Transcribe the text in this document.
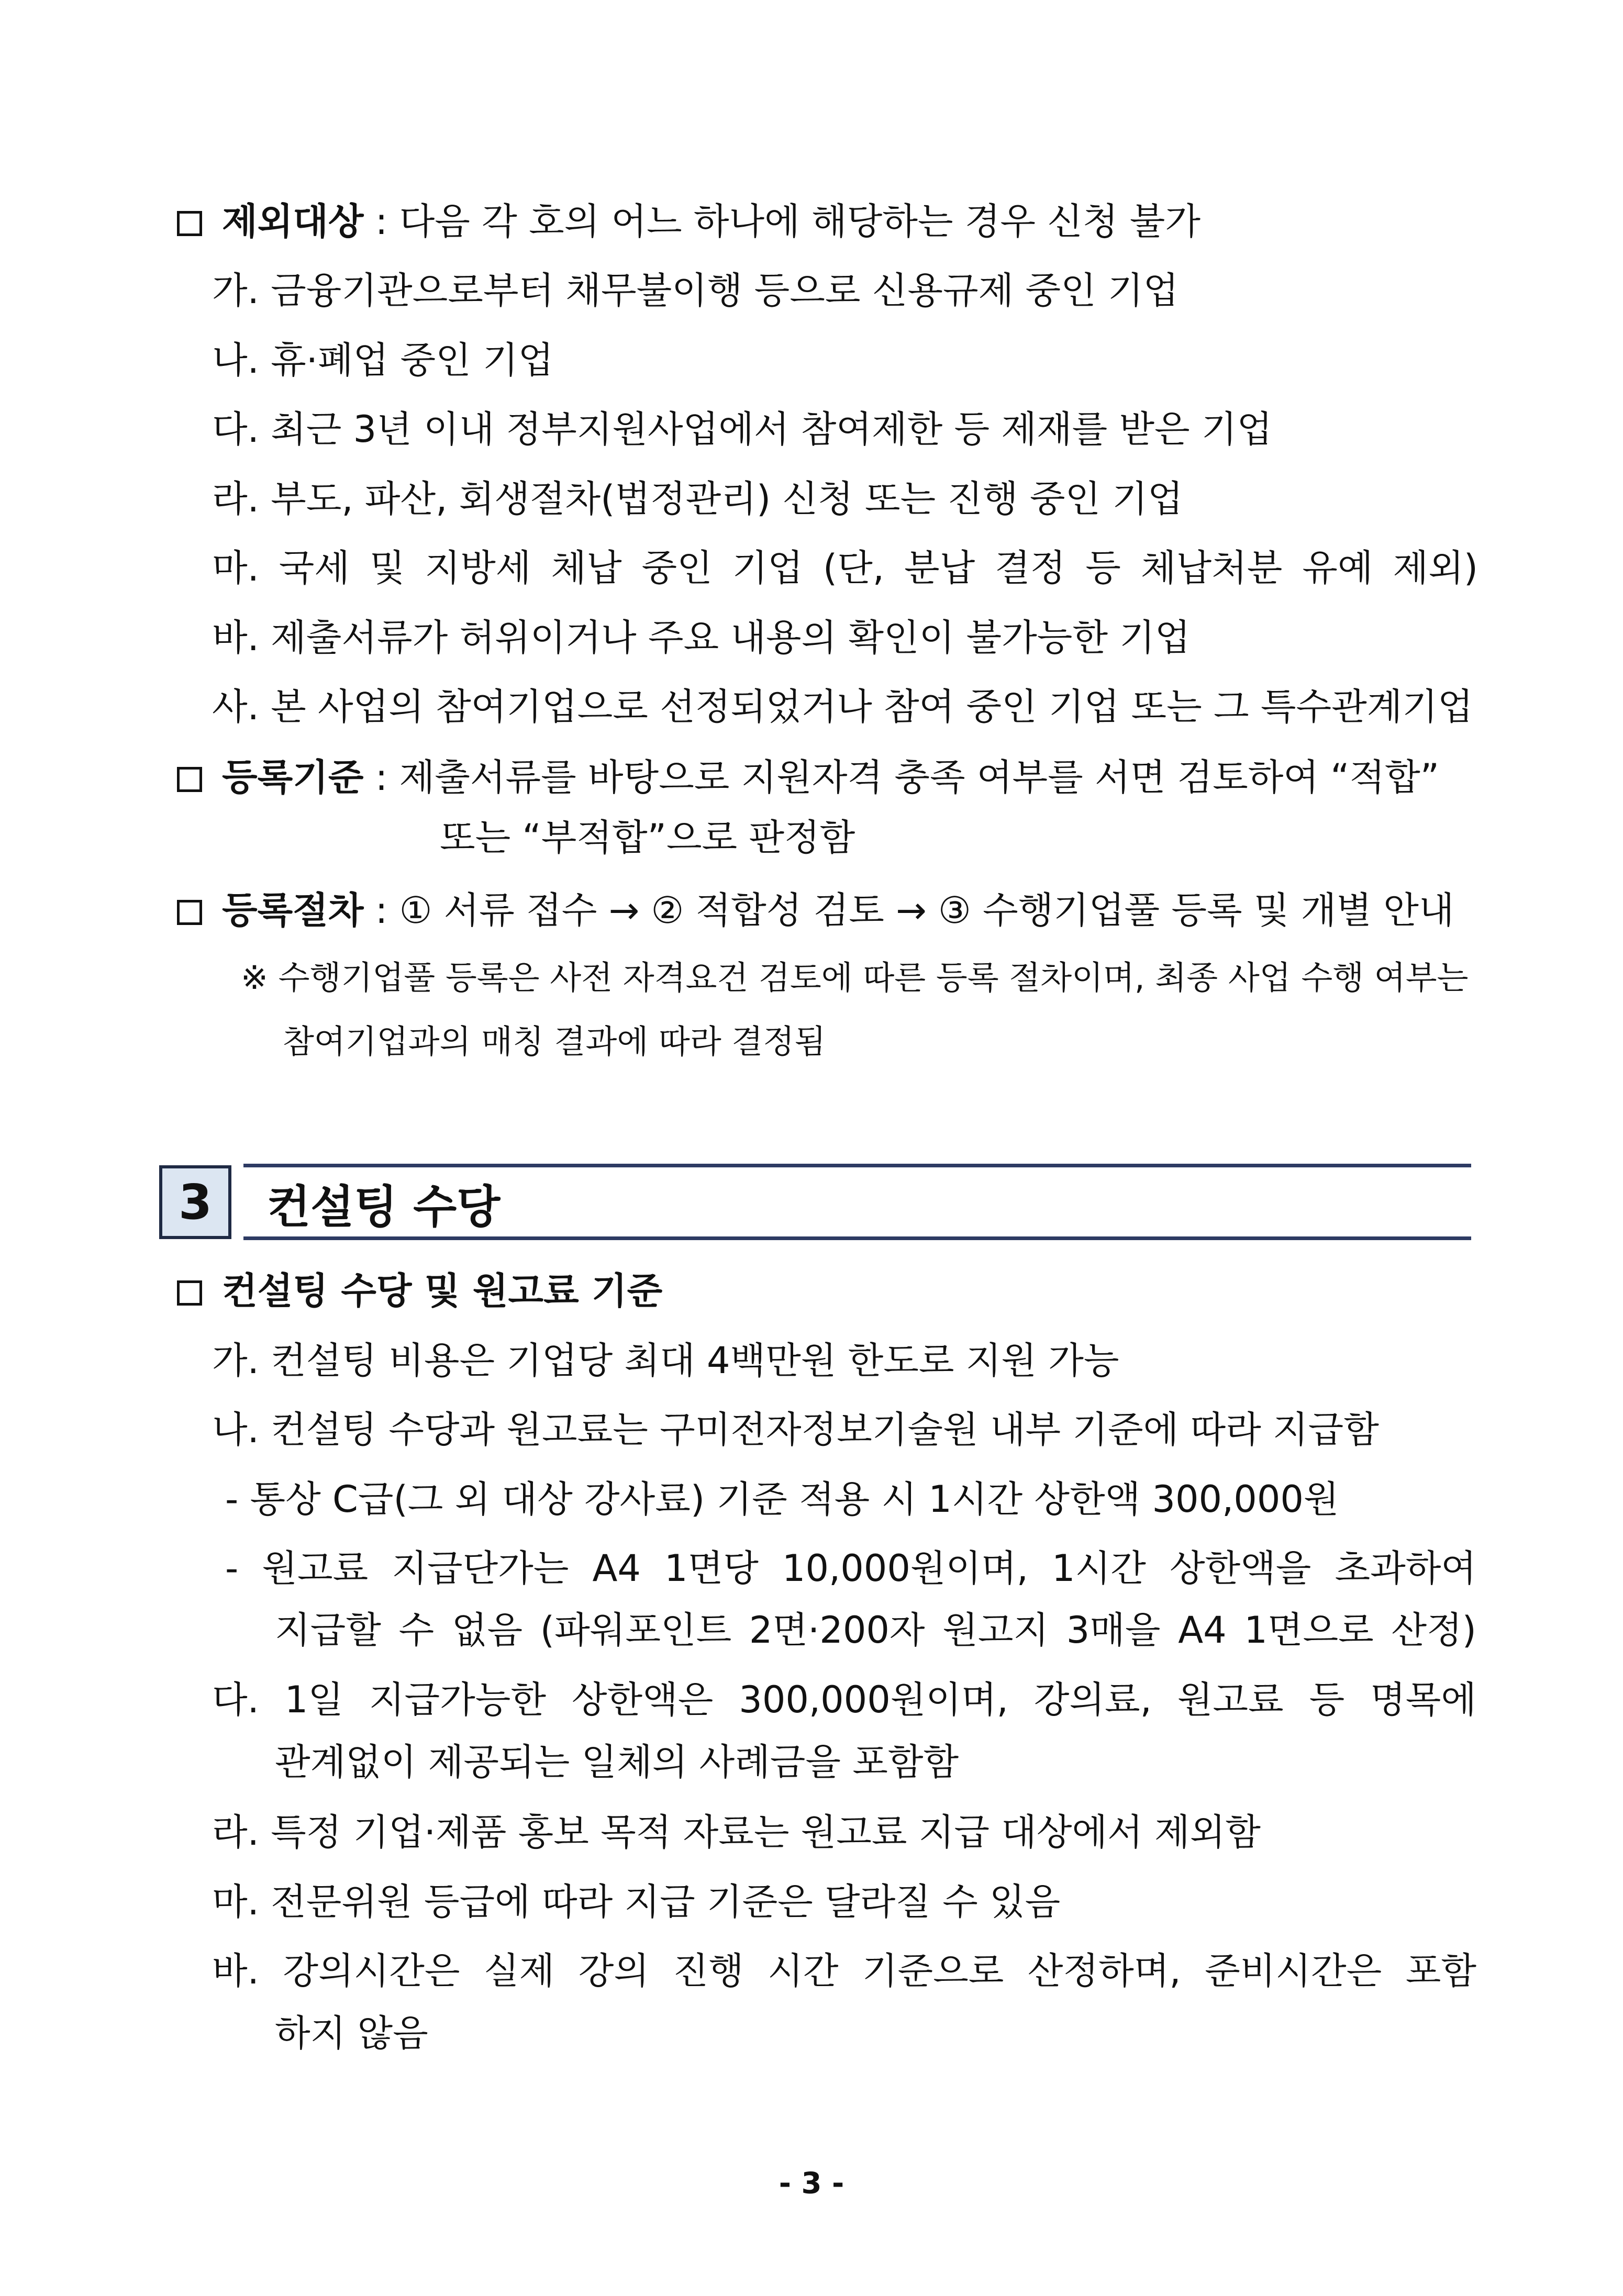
제외대상 : 다음 각 호의 어느 하나에 해당하는 경우 신청 불가
가. 금융기관으로부터 채무불이행 등으로 신용규제 중인 기업
나. 휴·폐업 중인 기업
다. 최근 3년 이내 정부지원사업에서 참여제한 등 제재를 받은 기업
라. 부도, 파산, 회생절차(법정관리) 신청 또는 진행 중인 기업
마. 국세 및 지방세 체납 중인 기업 (단, 분납 결정 등 체납처분 유예 제외)
바. 제출서류가 허위이거나 주요 내용의 확인이 불가능한 기업
사. 본 사업의 참여기업으로 선정되었거나 참여 중인 기업 또는 그 특수관계기업
등록기준 : 제출서류를 바탕으로 지원자격 충족 여부를 서면 검토하여 “적합”
또는 “부적합”으로 판정함
등록절차 : ① 서류 접수 → ② 적합성 검토 → ③ 수행기업풀 등록 및 개별 안내
※ 수행기업풀 등록은 사전 자격요건 검토에 따른 등록 절차이며, 최종 사업 수행 여부는
참여기업과의 매칭 결과에 따라 결정됨
3	컨설팅 수당
컨설팅 수당 및 원고료 기준
가. 컨설팅 비용은 기업당 최대 4백만원 한도로 지원 가능
나. 컨설팅 수당과 원고료는 구미전자정보기술원 내부 기준에 따라 지급함
- 통상 C급(그 외 대상 강사료) 기준 적용 시 1시간 상한액 300,000원
- 원고료 지급단가는 A4 1면당 10,000원이며, 1시간 상한액을 초과하여
지급할 수 없음 (파워포인트 2면·200자 원고지 3매을 A4 1면으로 산정)
다. 1일 지급가능한 상한액은 300,000원이며, 강의료, 원고료 등 명목에
관계없이 제공되는 일체의 사례금을 포함함
라. 특정 기업·제품 홍보 목적 자료는 원고료 지급 대상에서 제외함
마. 전문위원 등급에 따라 지급 기준은 달라질 수 있음
바. 강의시간은 실제 강의 진행 시간 기준으로 산정하며, 준비시간은 포함
하지 않음
- 3 -
